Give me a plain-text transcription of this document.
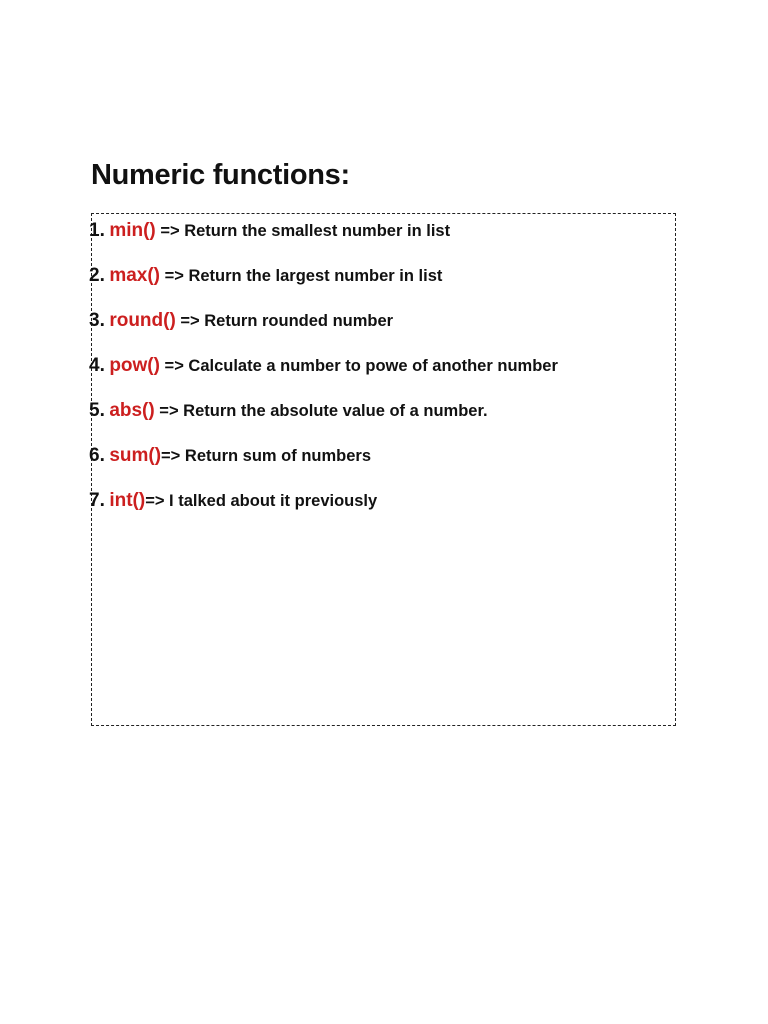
Numeric functions:
1. min() => Return the smallest number in list
2. max() => Return the largest number in list
3. round() => Return rounded number
4. pow() => Calculate a number to powe of another number
5. abs() => Return the absolute value of a number.
6. sum()=> Return sum of numbers
7. int()=> I talked about it previously
